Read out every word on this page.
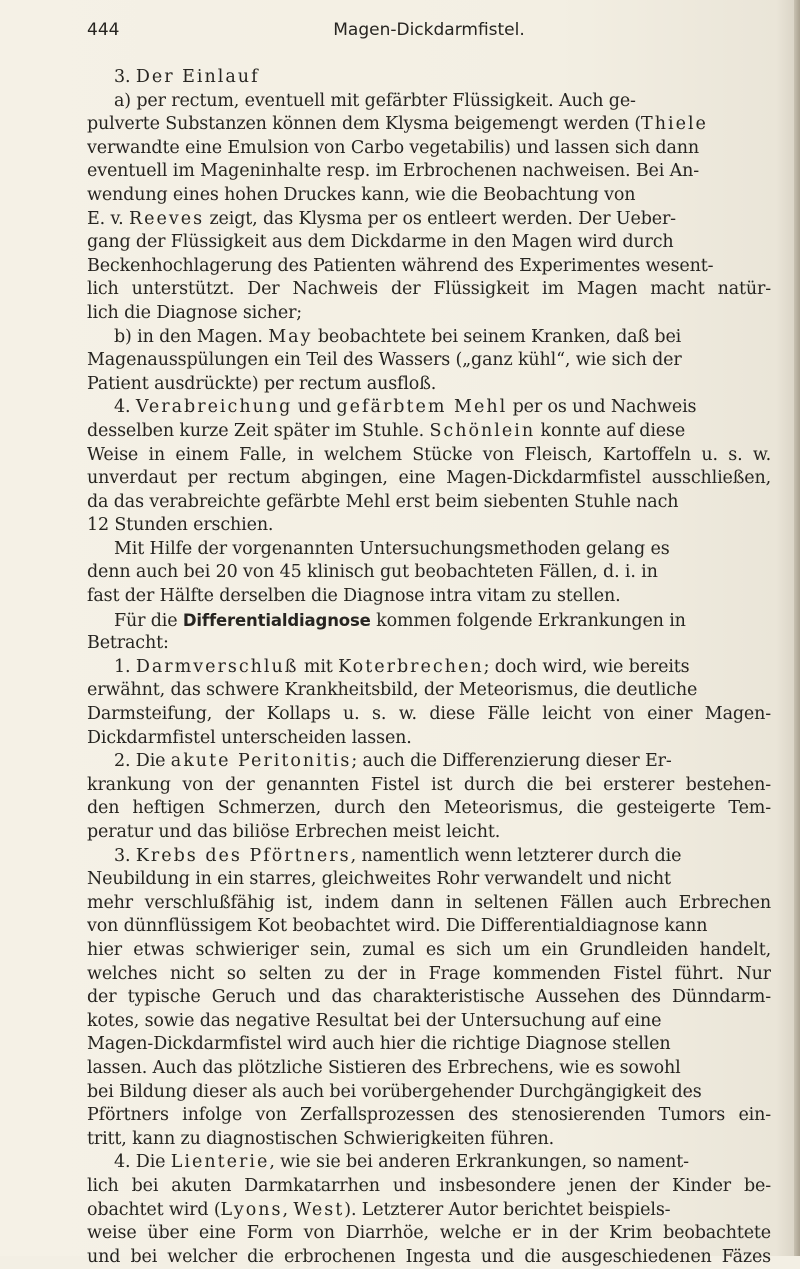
444	Magen-Dickdarmfistel.
3. Der Einlauf
a) per rectum, eventuell mit gefärbter Flüssigkeit. Auch ge-
pulverte Substanzen können dem Klysma beigemengt werden (Thiele
verwandte eine Emulsion von Carbo vegetabilis) und lassen sich dann
eventuell im Mageninhalte resp. im Erbrochenen nachweisen. Bei An-
wendung eines hohen Druckes kann, wie die Beobachtung von
E. v. Reeves zeigt, das Klysma per os entleert werden. Der Ueber-
gang der Flüssigkeit aus dem Dickdarme in den Magen wird durch
Beckenhochlagerung des Patienten während des Experimentes wesent-
lich unterstützt. Der Nachweis der Flüssigkeit im Magen macht natür-
lich die Diagnose sicher;
b) in den Magen. May beobachtete bei seinem Kranken, daß bei
Magenausspülungen ein Teil des Wassers („ganz kühl“, wie sich der
Patient ausdrückte) per rectum ausfloß.
4. Verabreichung und gefärbtem Mehl per os und Nachweis
desselben kurze Zeit später im Stuhle. Schönlein konnte auf diese
Weise in einem Falle, in welchem Stücke von Fleisch, Kartoffeln u. s. w.
unverdaut per rectum abgingen, eine Magen-Dickdarmfistel ausschließen,
da das verabreichte gefärbte Mehl erst beim siebenten Stuhle nach
12 Stunden erschien.
Mit Hilfe der vorgenannten Untersuchungsmethoden gelang es
denn auch bei 20 von 45 klinisch gut beobachteten Fällen, d. i. in
fast der Hälfte derselben die Diagnose intra vitam zu stellen.
Für die Differentialdiagnose kommen folgende Erkrankungen in
Betracht:
1. Darmverschluß mit Koterbrechen; doch wird, wie bereits
erwähnt, das schwere Krankheitsbild, der Meteorismus, die deutliche
Darmsteifung, der Kollaps u. s. w. diese Fälle leicht von einer Magen-
Dickdarmfistel unterscheiden lassen.
2. Die akute Peritonitis; auch die Differenzierung dieser Er-
krankung von der genannten Fistel ist durch die bei ersterer bestehen-
den heftigen Schmerzen, durch den Meteorismus, die gesteigerte Tem-
peratur und das biliöse Erbrechen meist leicht.
3. Krebs des Pförtners, namentlich wenn letzterer durch die
Neubildung in ein starres, gleichweites Rohr verwandelt und nicht
mehr verschlußfähig ist, indem dann in seltenen Fällen auch Erbrechen
von dünnflüssigem Kot beobachtet wird. Die Differentialdiagnose kann
hier etwas schwieriger sein, zumal es sich um ein Grundleiden handelt,
welches nicht so selten zu der in Frage kommenden Fistel führt. Nur
der typische Geruch und das charakteristische Aussehen des Dünndarm-
kotes, sowie das negative Resultat bei der Untersuchung auf eine
Magen-Dickdarmfistel wird auch hier die richtige Diagnose stellen
lassen. Auch das plötzliche Sistieren des Erbrechens, wie es sowohl
bei Bildung dieser als auch bei vorübergehender Durchgängigkeit des
Pförtners infolge von Zerfallsprozessen des stenosierenden Tumors ein-
tritt, kann zu diagnostischen Schwierigkeiten führen.
4. Die Lienterie, wie sie bei anderen Erkrankungen, so nament-
lich bei akuten Darmkatarrhen und insbesondere jenen der Kinder be-
obachtet wird (Lyons, West). Letzterer Autor berichtet beispiels-
weise über eine Form von Diarrhöe, welche er in der Krim beobachtete
und bei welcher die erbrochenen Ingesta und die ausgeschiedenen Fäzes
